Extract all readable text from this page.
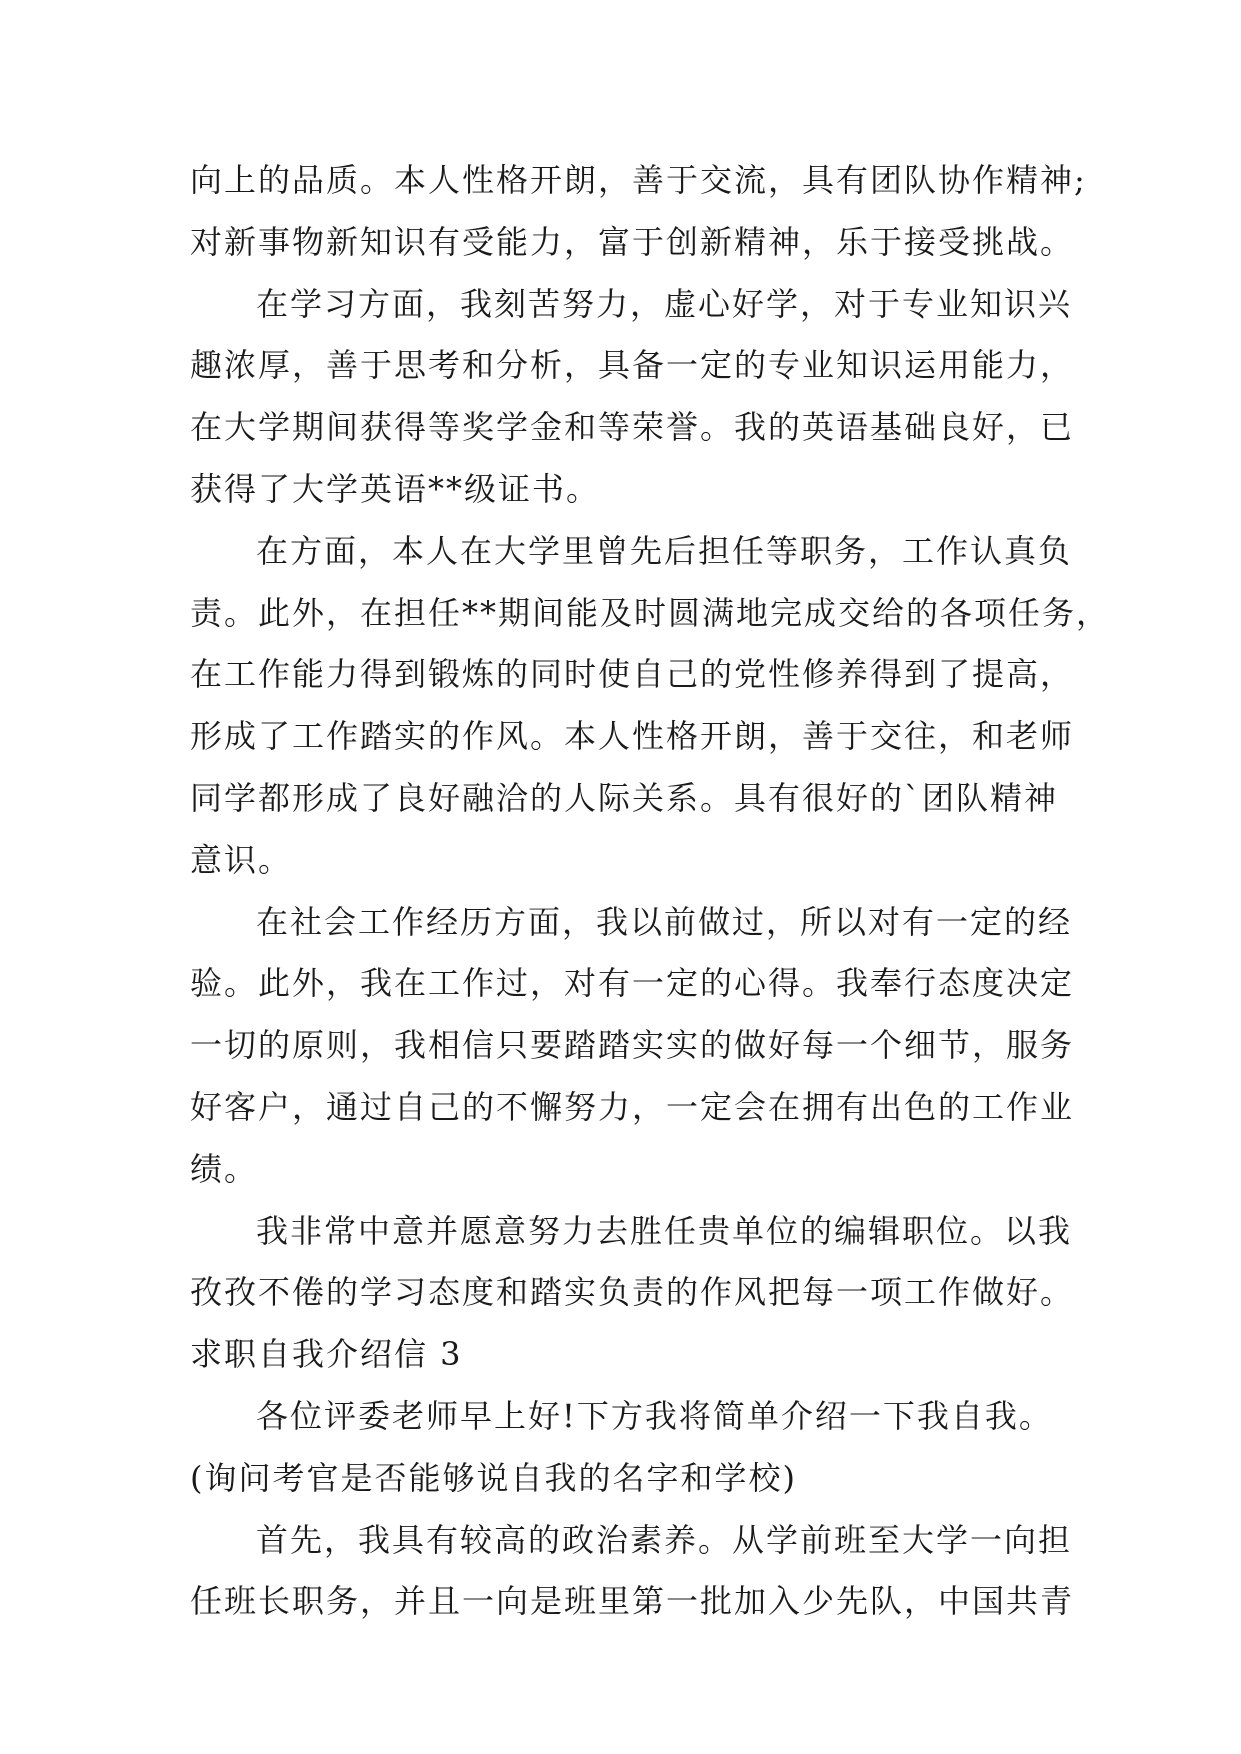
向上的品质。本人性格开朗，善于交流，具有团队协作精神;
对新事物新知识有受能力，富于创新精神，乐于接受挑战。
在学习方面，我刻苦努力，虚心好学，对于专业知识兴
趣浓厚，善于思考和分析，具备一定的专业知识运用能力，
在大学期间获得等奖学金和等荣誉。我的英语基础良好，已
获得了大学英语**级证书。
在方面，本人在大学里曾先后担任等职务，工作认真负
责。此外，在担任**期间能及时圆满地完成交给的各项任务，
在工作能力得到锻炼的同时使自己的党性修养得到了提高，
形成了工作踏实的作风。本人性格开朗，善于交往，和老师
同学都形成了良好融洽的人际关系。具有很好的`团队精神
意识。
在社会工作经历方面，我以前做过，所以对有一定的经
验。此外，我在工作过，对有一定的心得。我奉行态度决定
一切的原则，我相信只要踏踏实实的做好每一个细节，服务
好客户，通过自己的不懈努力，一定会在拥有出色的工作业
绩。
我非常中意并愿意努力去胜任贵单位的编辑职位。以我
孜孜不倦的学习态度和踏实负责的作风把每一项工作做好。
求职自我介绍信 3
各位评委老师早上好!下方我将简单介绍一下我自我。
(询问考官是否能够说自我的名字和学校)
首先，我具有较高的政治素养。从学前班至大学一向担
任班长职务，并且一向是班里第一批加入少先队，中国共青
